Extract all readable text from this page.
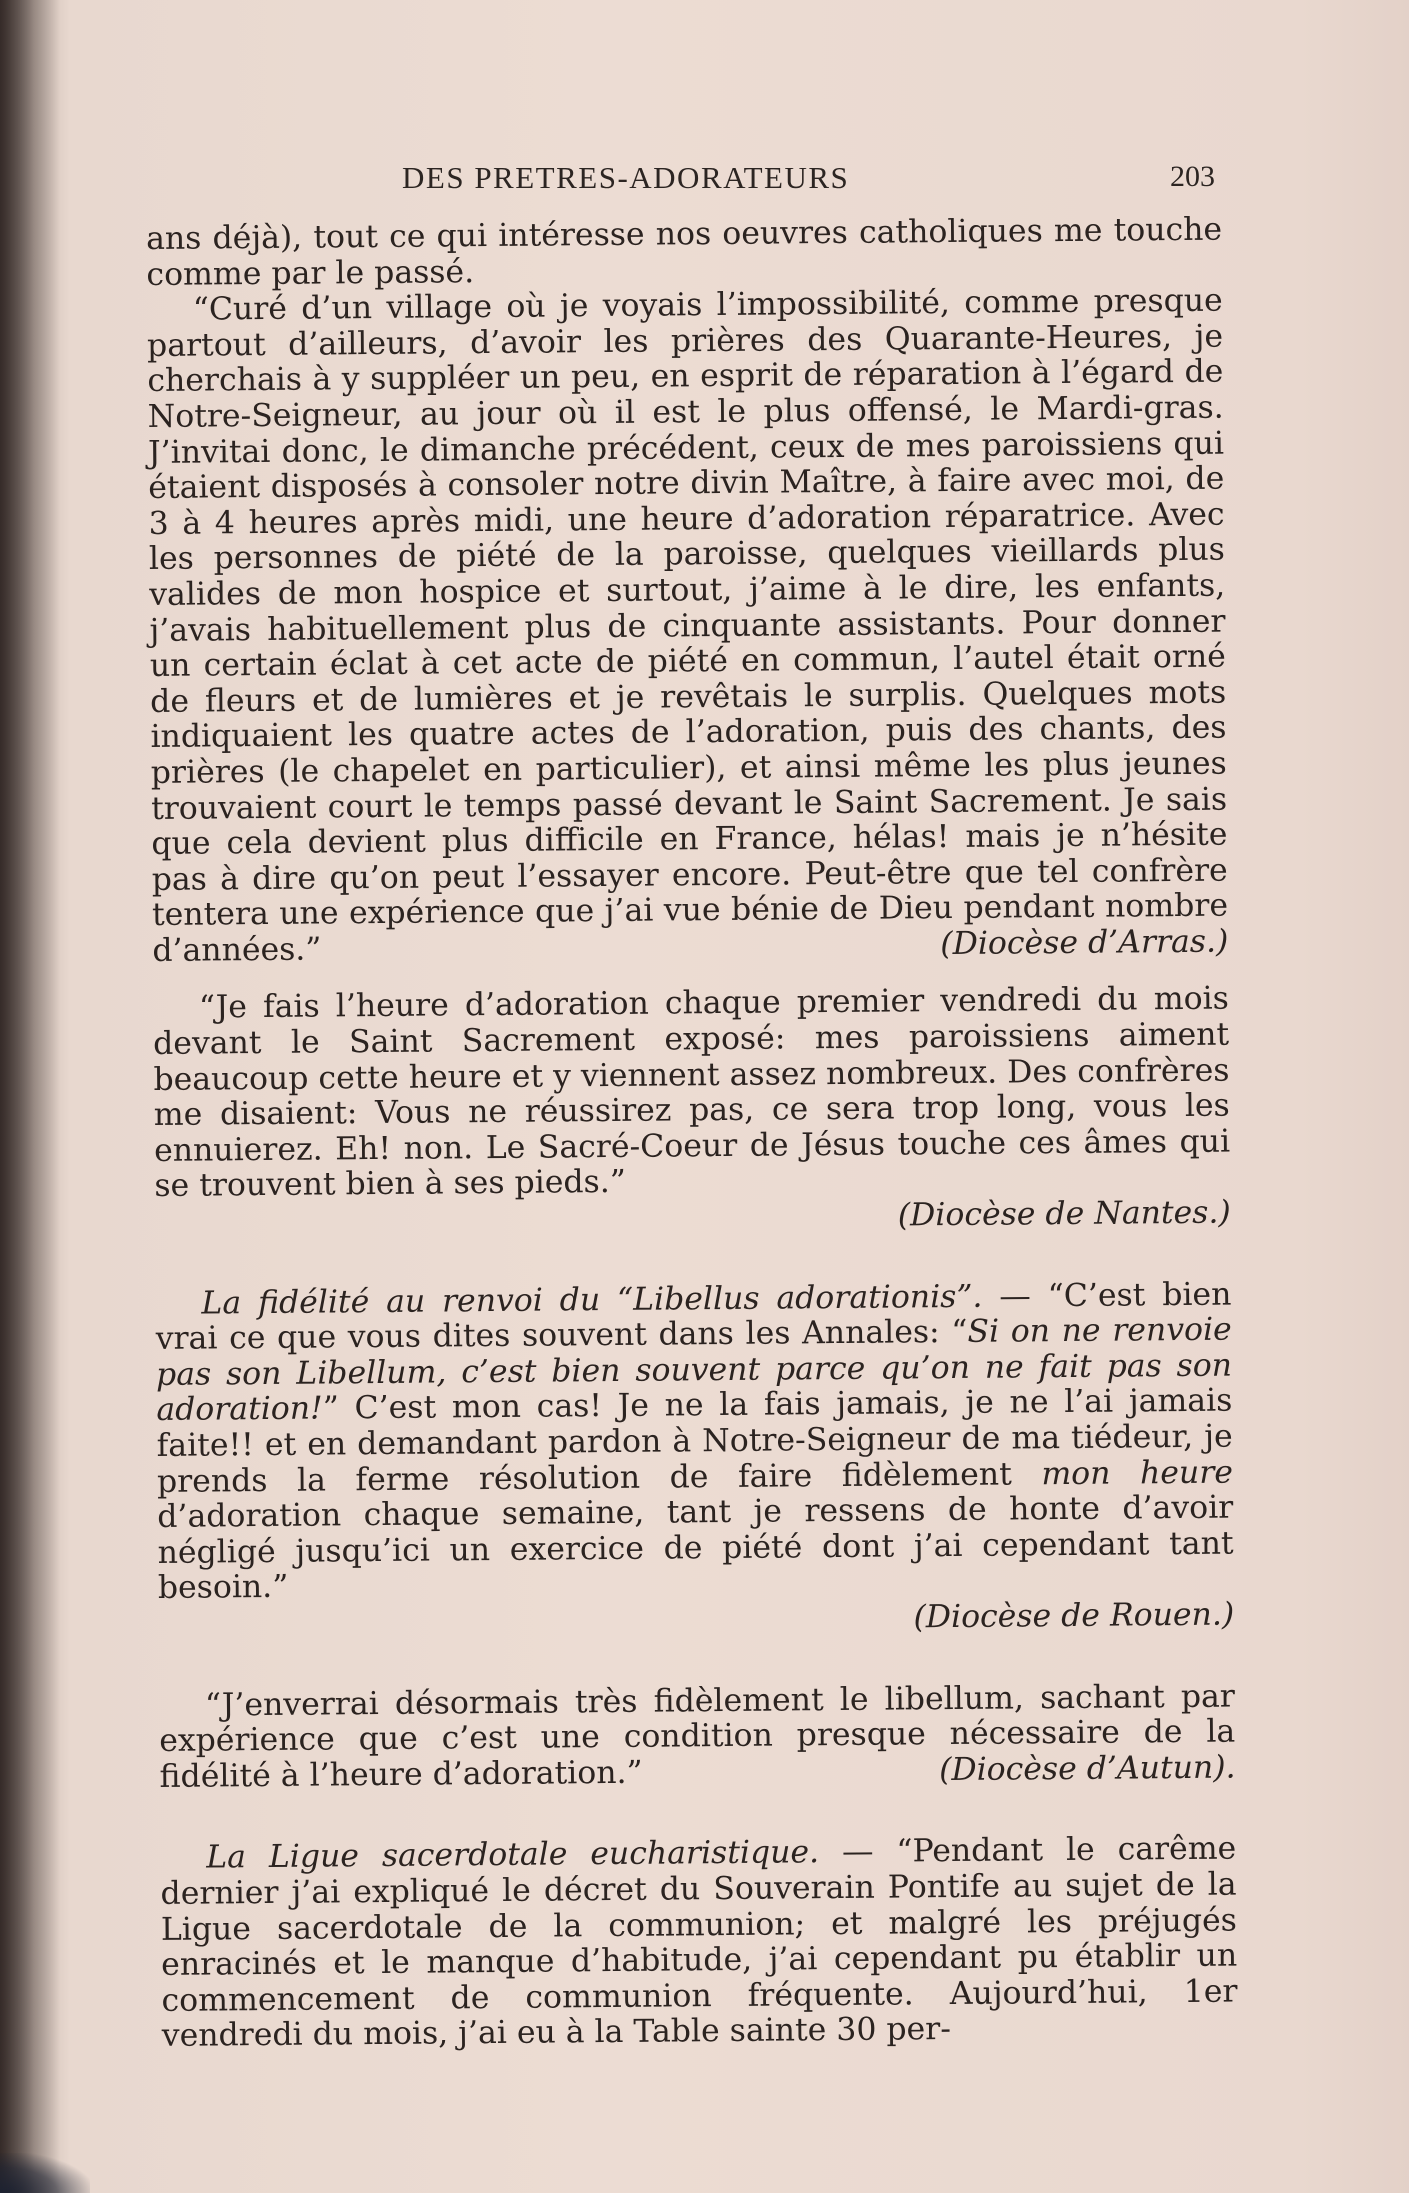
DES PRETRES-ADORATEURS	203

ans déjà), tout ce qui intéresse nos oeuvres catholiques me touche comme par le passé.

“Curé d’un village où je voyais l’impossibilité, comme presque partout d’ailleurs, d’avoir les prières des Quarante-Heures, je cherchais à y suppléer un peu, en esprit de réparation à l’égard de Notre-Seigneur, au jour où il est le plus offensé, le Mardi-gras. J’invitai donc, le dimanche précédent, ceux de mes paroissiens qui étaient disposés à consoler notre divin Maître, à faire avec moi, de 3 à 4 heures après midi, une heure d’adoration réparatrice. Avec les personnes de piété de la paroisse, quelques vieillards plus valides de mon hospice et surtout, j’aime à le dire, les enfants, j’avais habituellement plus de cinquante assistants. Pour donner un certain éclat à cet acte de piété en commun, l’autel était orné de fleurs et de lumières et je revêtais le surplis. Quelques mots indiquaient les quatre actes de l’adoration, puis des chants, des prières (le chapelet en particulier), et ainsi même les plus jeunes trouvaient court le temps passé devant le Saint Sacrement. Je sais que cela devient plus difficile en France, hélas! mais je n’hésite pas à dire qu’on peut l’essayer encore. Peut-être que tel confrère tentera une expérience que j’ai vue bénie de Dieu pendant nombre d’années.”	(Diocèse d’Arras.)

“Je fais l’heure d’adoration chaque premier vendredi du mois devant le Saint Sacrement exposé: mes paroissiens aiment beaucoup cette heure et y viennent assez nombreux. Des confrères me disaient: Vous ne réussirez pas, ce sera trop long, vous les ennuierez. Eh! non. Le Sacré-Coeur de Jésus touche ces âmes qui se trouvent bien à ses pieds.”
(Diocèse de Nantes.)

La fidélité au renvoi du “Libellus adorationis”. — “C’est bien vrai ce que vous dites souvent dans les Annales: “Si on ne renvoie pas son Libellum, c’est bien souvent parce qu’on ne fait pas son adoration!” C’est mon cas! Je ne la fais jamais, je ne l’ai jamais faite!! et en demandant pardon à Notre-Seigneur de ma tiédeur, je prends la ferme résolution de faire fidèlement mon heure d’adoration chaque semaine, tant je ressens de honte d’avoir négligé jusqu’ici un exercice de piété dont j’ai cependant tant besoin.”
(Diocèse de Rouen.)

“J’enverrai désormais très fidèlement le libellum, sachant par expérience que c’est une condition presque nécessaire de la fidélité à l’heure d’adoration.”	(Diocèse d’Autun).

La Ligue sacerdotale eucharistique. — “Pendant le carême dernier j’ai expliqué le décret du Souverain Pontife au sujet de la Ligue sacerdotale de la communion; et malgré les préjugés enracinés et le manque d’habitude, j’ai cependant pu établir un commencement de communion fréquente. Aujourd’hui, 1er vendredi du mois, j’ai eu à la Table sainte 30 per-
